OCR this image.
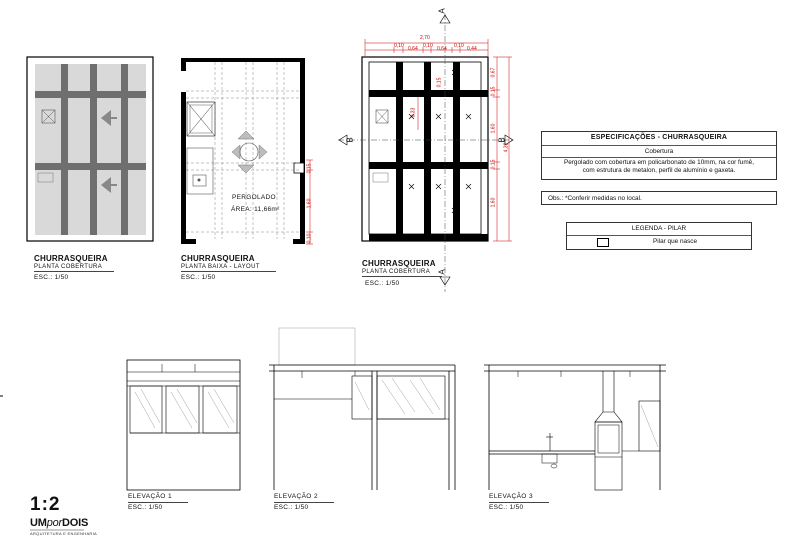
A
A
B	B
2,70
0,10 0,64 0,10 0,64 0,10 0,44
0,67
0,15
1,60
0,15
1,60
4,32
0,15
1,60
0,10
0,33
0,15
PERGOLADO
ÁREA: 11,66m²
CHURRASQUEIRA
PLANTA COBERTURA
ESC.: 1/50
CHURRASQUEIRA
PLANTA BAIXA - LAYOUT
ESC.: 1/50
CHURRASQUEIRA
PLANTA COBERTURA
ESC.: 1/50
ESPECIFICAÇÕES - CHURRASQUEIRA
Cobertura
Pergolado com cobertura em policarbonato de 10mm, na cor fumê,
com estrutura de metalon, perfil de alumínio e gaxeta.
Obs.: *Conferir medidas no local.
LEGENDA - PILAR
Pilar que nasce
ELEVAÇÃO 1
ESC.: 1/50
ELEVAÇÃO 2
ESC.: 1/50
ELEVAÇÃO 3
ESC.: 1/50
1:2
UMporDOIS
ARQUITETURA E ENGENHARIA
